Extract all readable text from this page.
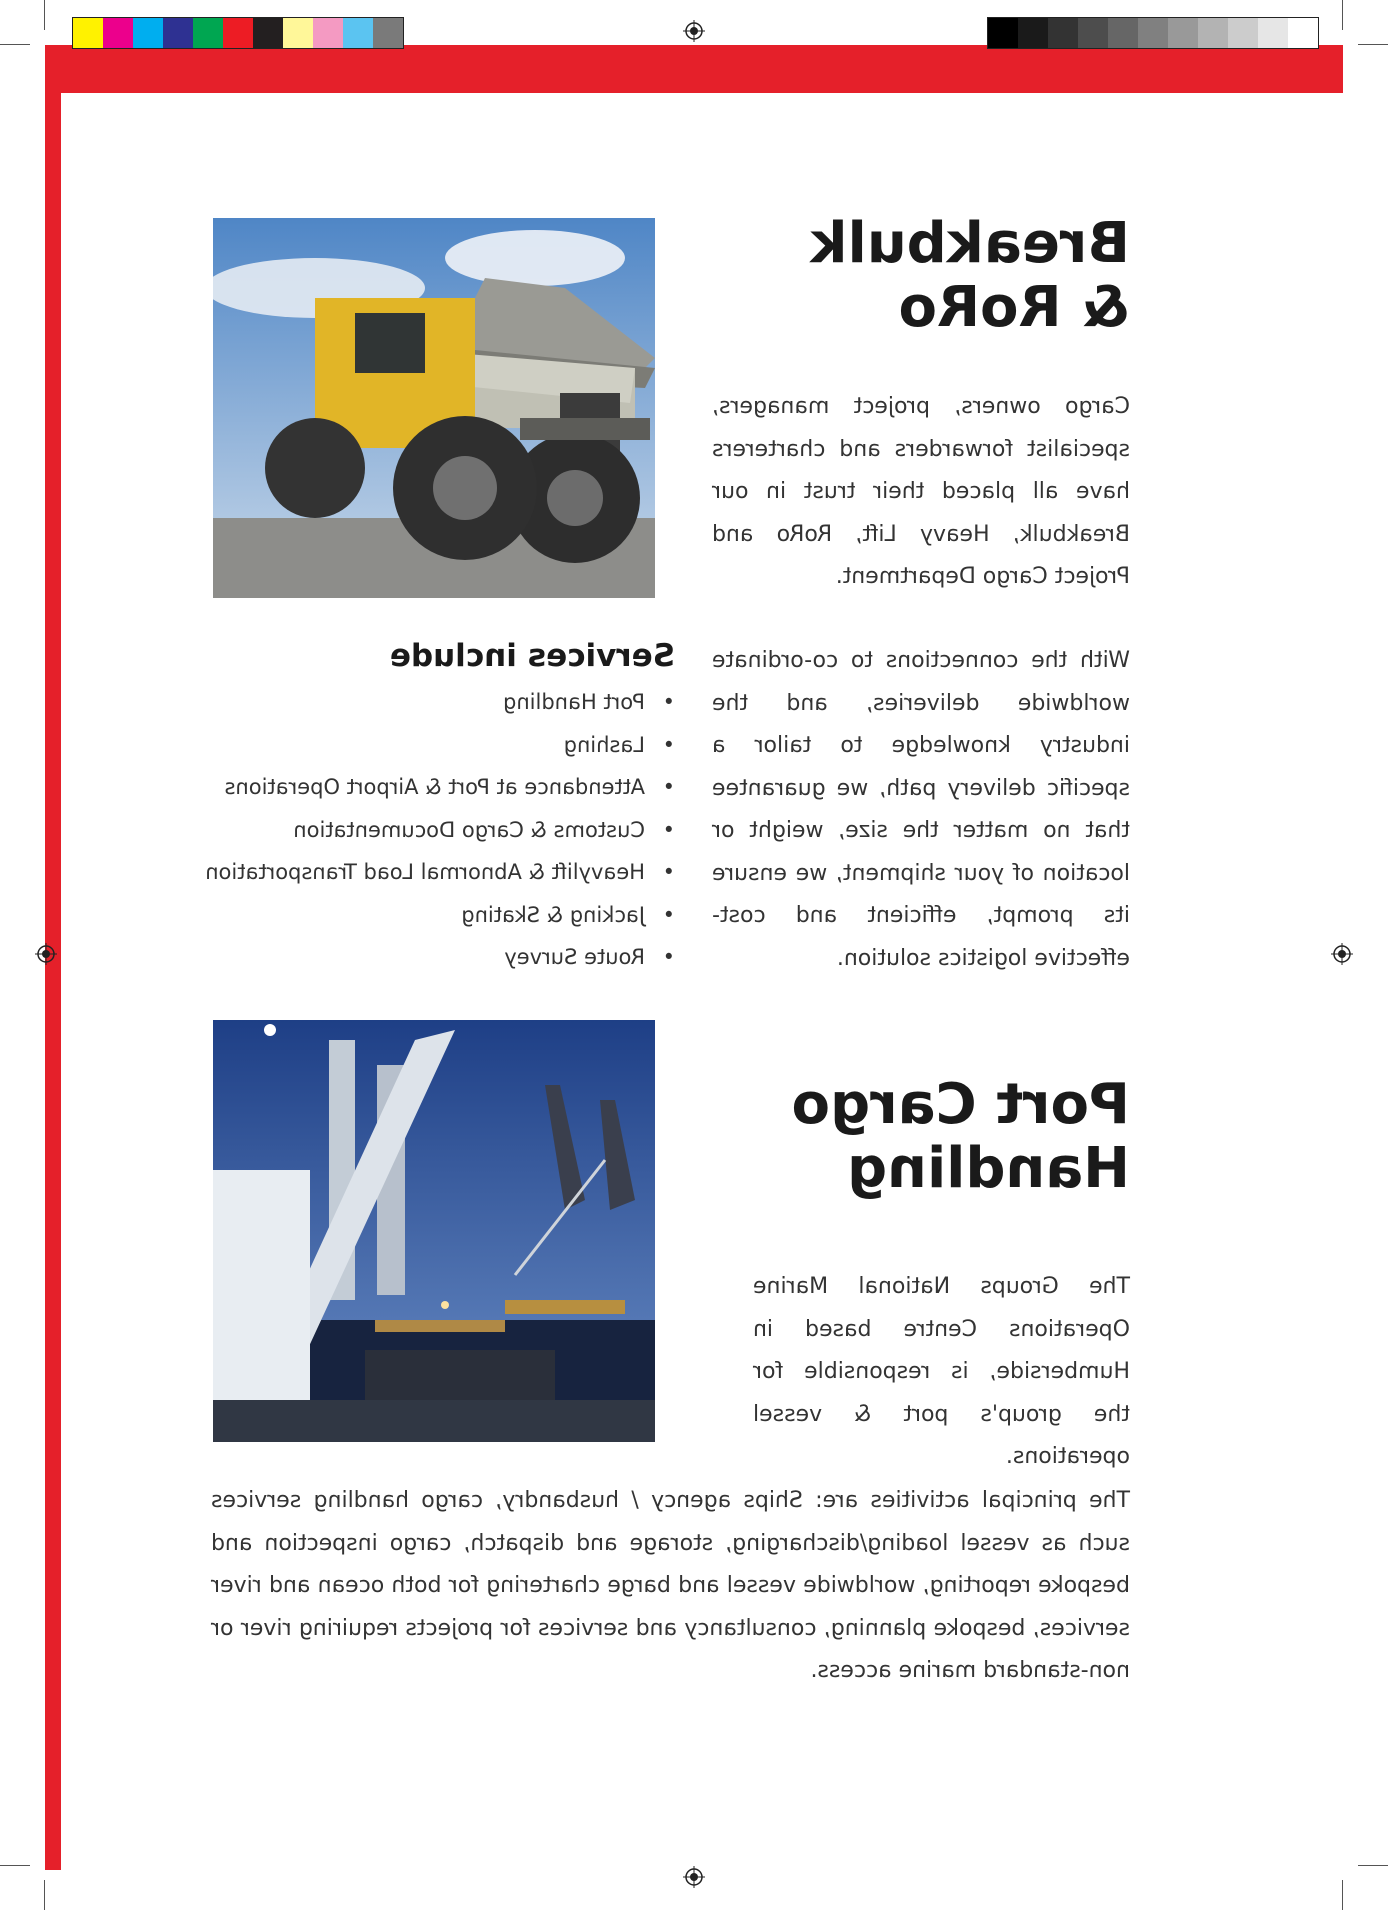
Breakbulk
& RoRo

Cargo owners, project managers, specialist forwarders and charterers have all placed their trust in our Breakbulk, Heavy Lift, RoRo and Project Cargo Department.

With the connections to co-ordinate worldwide deliveries, and the industry knowledge to tailor a specific delivery path, we guarantee that no matter the size, weight or location of your shipment, we ensure its prompt, efficient and cost-effective logistics solution.

Services include
• Port Handling
• Lashing
• Attendance at Port & Airport Operations
• Customs & Cargo Documentation
• Heavylift & Abnormal Load Transportation
• Jacking & Skating
• Route Survey
Port Cargo
Handling

The Groups National Marine Operations Centre based in Humberside, is responsible for the group's port & vessel operations.

The principal activities are: Ships agency / husbandry, cargo handling services such as vessel loading/discharging, storage and dispatch, cargo inspection and bespoke reporting, worldwide vessel and barge chartering for both ocean and river services, bespoke planning, consultancy and services for projects requiring river or non-standard marine access.
